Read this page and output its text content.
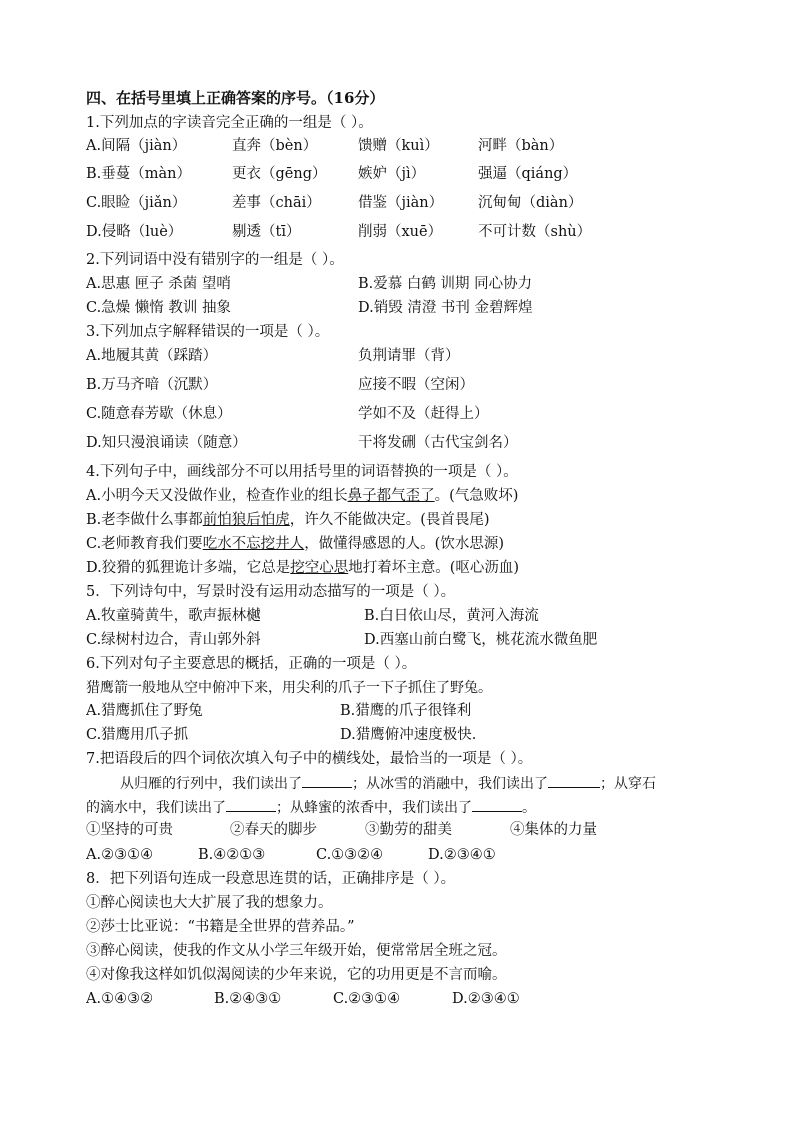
四、在括号里填上正确答案的序号。（16分）
1.下列加点的字读音完全正确的一组是（ ）。
A.间隔（jiàn）	直奔（bèn）	馈赠（kuì）	河畔（bàn）
B.垂蔓（màn）	更衣（gēng） 嫉妒（jì）	强逼（qiáng）
C.眼睑（jiǎn）	差事（chāi）	借鉴（jiàn） 沉甸甸（diàn）
D.侵略（luè）	剔透（tī）	削弱（xuē） 不可计数（shù）
2.下列词语中没有错别字的一组是（ ）。
A.思惠 匣子 杀菌 望哨	B.爱慕 白鹤 训期 同心协力
C.急燥 懒惰 教训 抽象	D.销毁 清澄 书刊 金碧辉煌
3.下列加点字解释错误的一项是（ ）。
A.地履其黄（踩踏）	负荆请罪（背）
B.万马齐喑（沉默）	应接不暇（空闲）
C.随意春芳歇（休息）	学如不及（赶得上）
D.知只漫浪诵读（随意）	干将发硎（古代宝剑名）
4.下列句子中，画线部分不可以用括号里的词语替换的一项是（ ）。
A.小明今天又没做作业，检查作业的组长鼻子都气歪了。(气急败坏)
B.老李做什么事都前怕狼后怕虎，许久不能做决定。(畏首畏尾)
C.老师教育我们要吃水不忘挖井人，做懂得感恩的人。(饮水思源)
D.狡猾的狐狸诡计多端，它总是挖空心思地打着坏主意。(呕心沥血)
5．下列诗句中，写景时没有运用动态描写的一项是（ ）。
A.牧童骑黄牛，歌声振林樾	B.白日依山尽，黄河入海流
C.绿树村边合，青山郭外斜	D.西塞山前白鹭飞，桃花流水微鱼肥
6.下列对句子主要意思的概括，正确的一项是（ ）。
猎鹰箭一般地从空中俯冲下来，用尖利的爪子一下子抓住了野兔。
A.猎鹰抓住了野兔	B.猎鹰的爪子很锋利
C.猎鹰用爪子抓	D.猎鹰俯冲速度极快.
7.把语段后的四个词依次填入句子中的横线处，最恰当的一项是（ ）。
从归雁的行列中，我们读出了	；从冰雪的消融中，我们读出了	；从穿石
的滴水中，我们读出了	；从蜂蜜的浓香中，我们读出了	。
①坚持的可贵	②春天的脚步	③勤劳的甜美	④集体的力量
A.②③①④	B.④②①③	C.①③②④	D.②③④①
8．把下列语句连成一段意思连贯的话，正确排序是（ ）。
①醉心阅读也大大扩展了我的想象力。
②莎士比亚说：“书籍是全世界的营养品。”
③醉心阅读，使我的作文从小学三年级开始，便常常居全班之冠。
④对像我这样如饥似渴阅读的少年来说，它的功用更是不言而喻。
A.①④③②	B.②④③①	C.②③①④	D.②③④①
